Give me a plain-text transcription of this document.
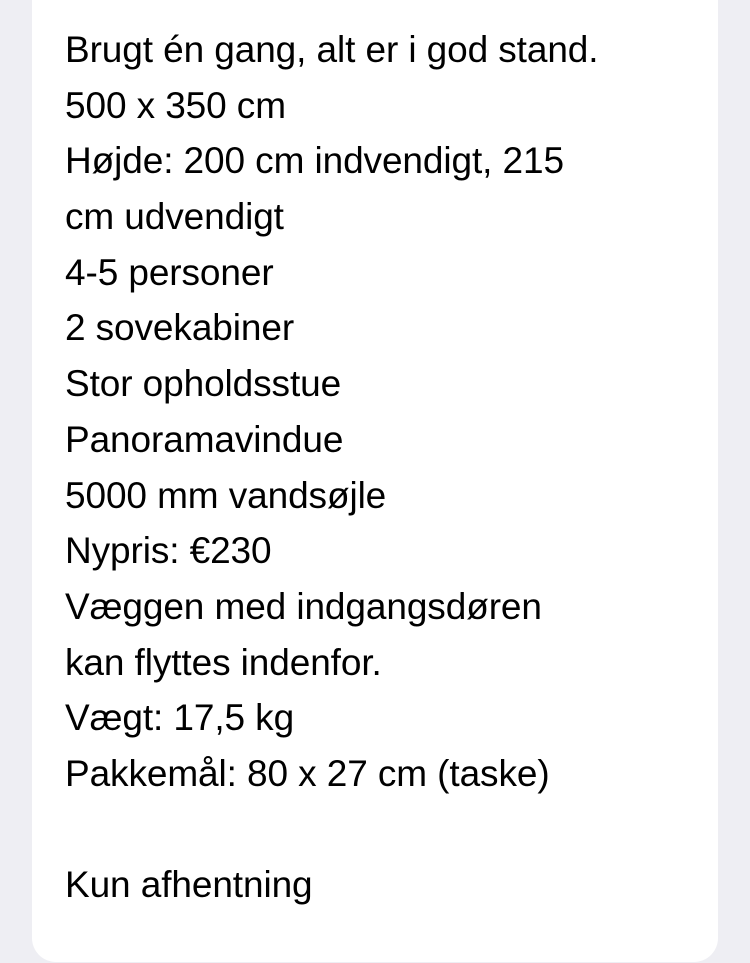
Brugt én gang, alt er i god stand.
500 x 350 cm
Højde: 200 cm indvendigt, 215
cm udvendigt
4-5 personer
2 sovekabiner
Stor opholdsstue
Panoramavindue
5000 mm vandsøjle
Nypris: €230
Væggen med indgangsdøren
kan flyttes indenfor.
Vægt: 17,5 kg
Pakkemål: 80 x 27 cm (taske)
Kun afhentning
